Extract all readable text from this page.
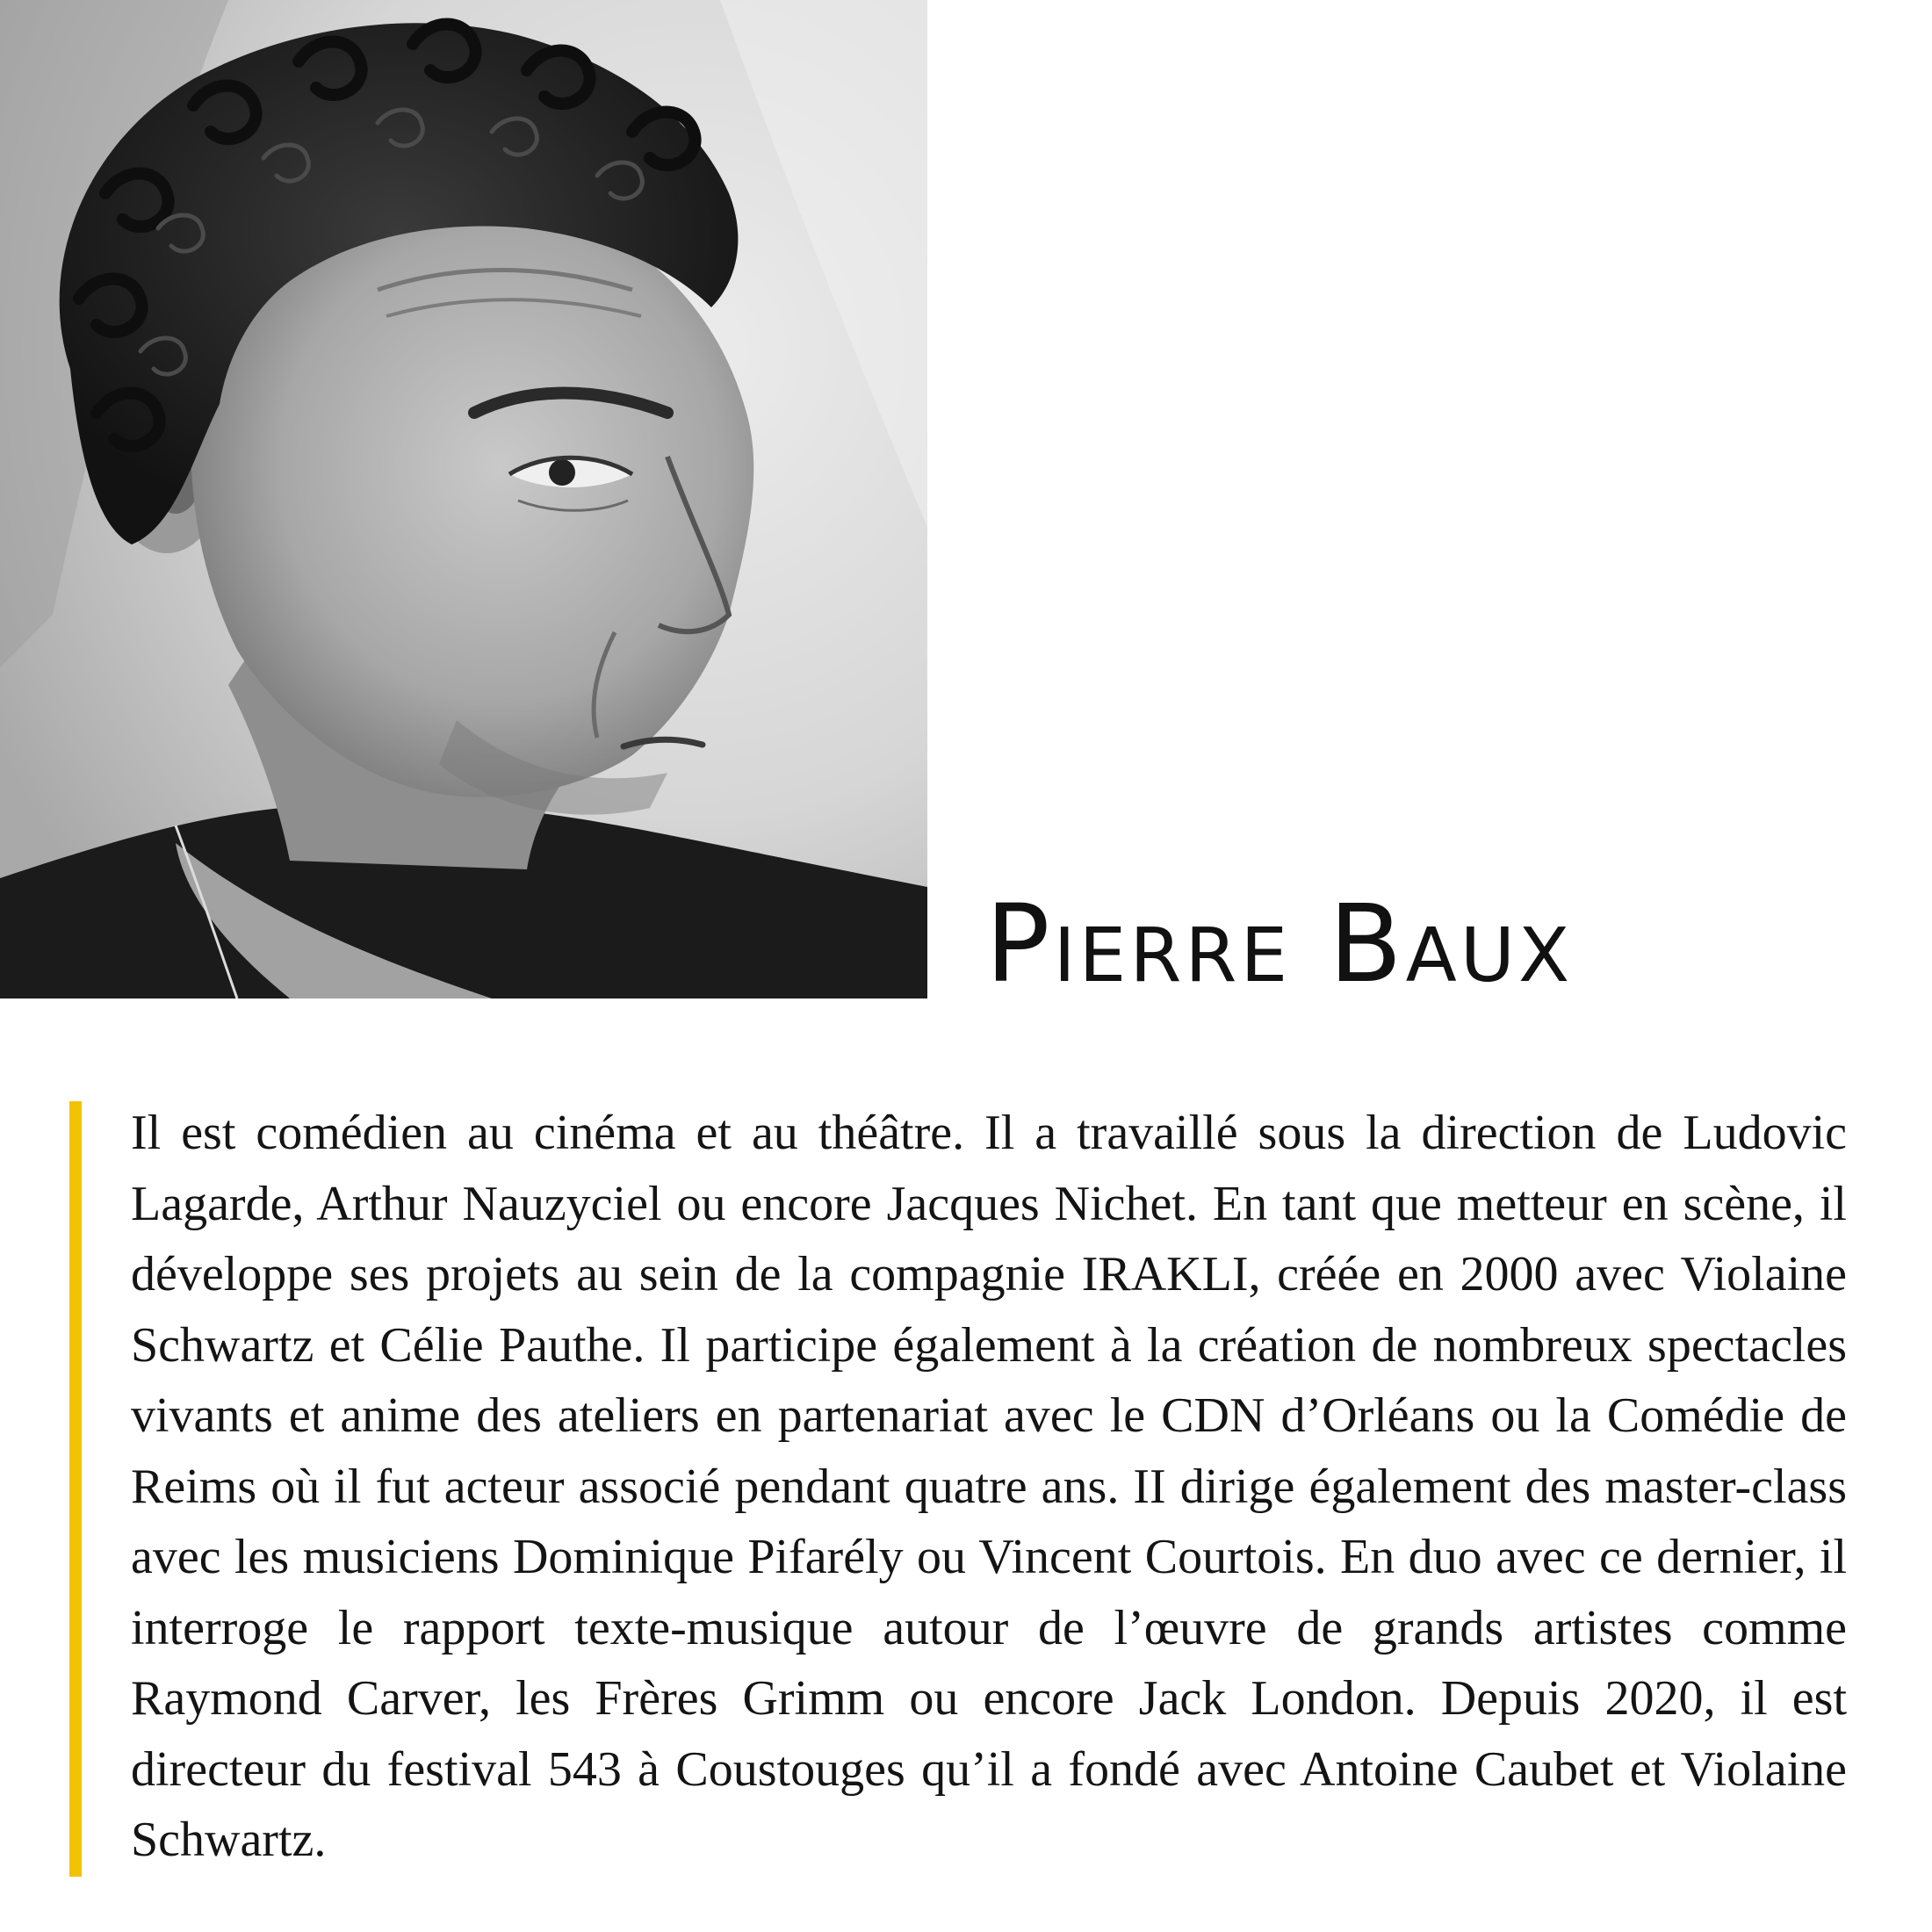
Pierre Baux

Il est comédien au cinéma et au théâtre. Il a travaillé sous la direction de Ludovic Lagarde, Arthur Nauzyciel ou encore Jacques Nichet. En tant que metteur en scène, il développe ses projets au sein de la compagnie IRAKLI, créée en 2000 avec Violaine Schwartz et Célie Pauthe. Il participe également à la création de nombreux spectacles vivants et anime des ateliers en partenariat avec le CDN d’Orléans ou la Comédie de Reims où il fut acteur associé pendant quatre ans. II dirige également des master-class avec les musiciens Dominique Pifarély ou Vincent Courtois. En duo avec ce dernier, il interroge le rapport texte-musique autour de l’œuvre de grands artistes comme Raymond Carver, les Frères Grimm ou encore Jack London. Depuis 2020, il est directeur du festival 543 à Coustouges qu’il a fondé avec Antoine Caubet et Violaine Schwartz.
